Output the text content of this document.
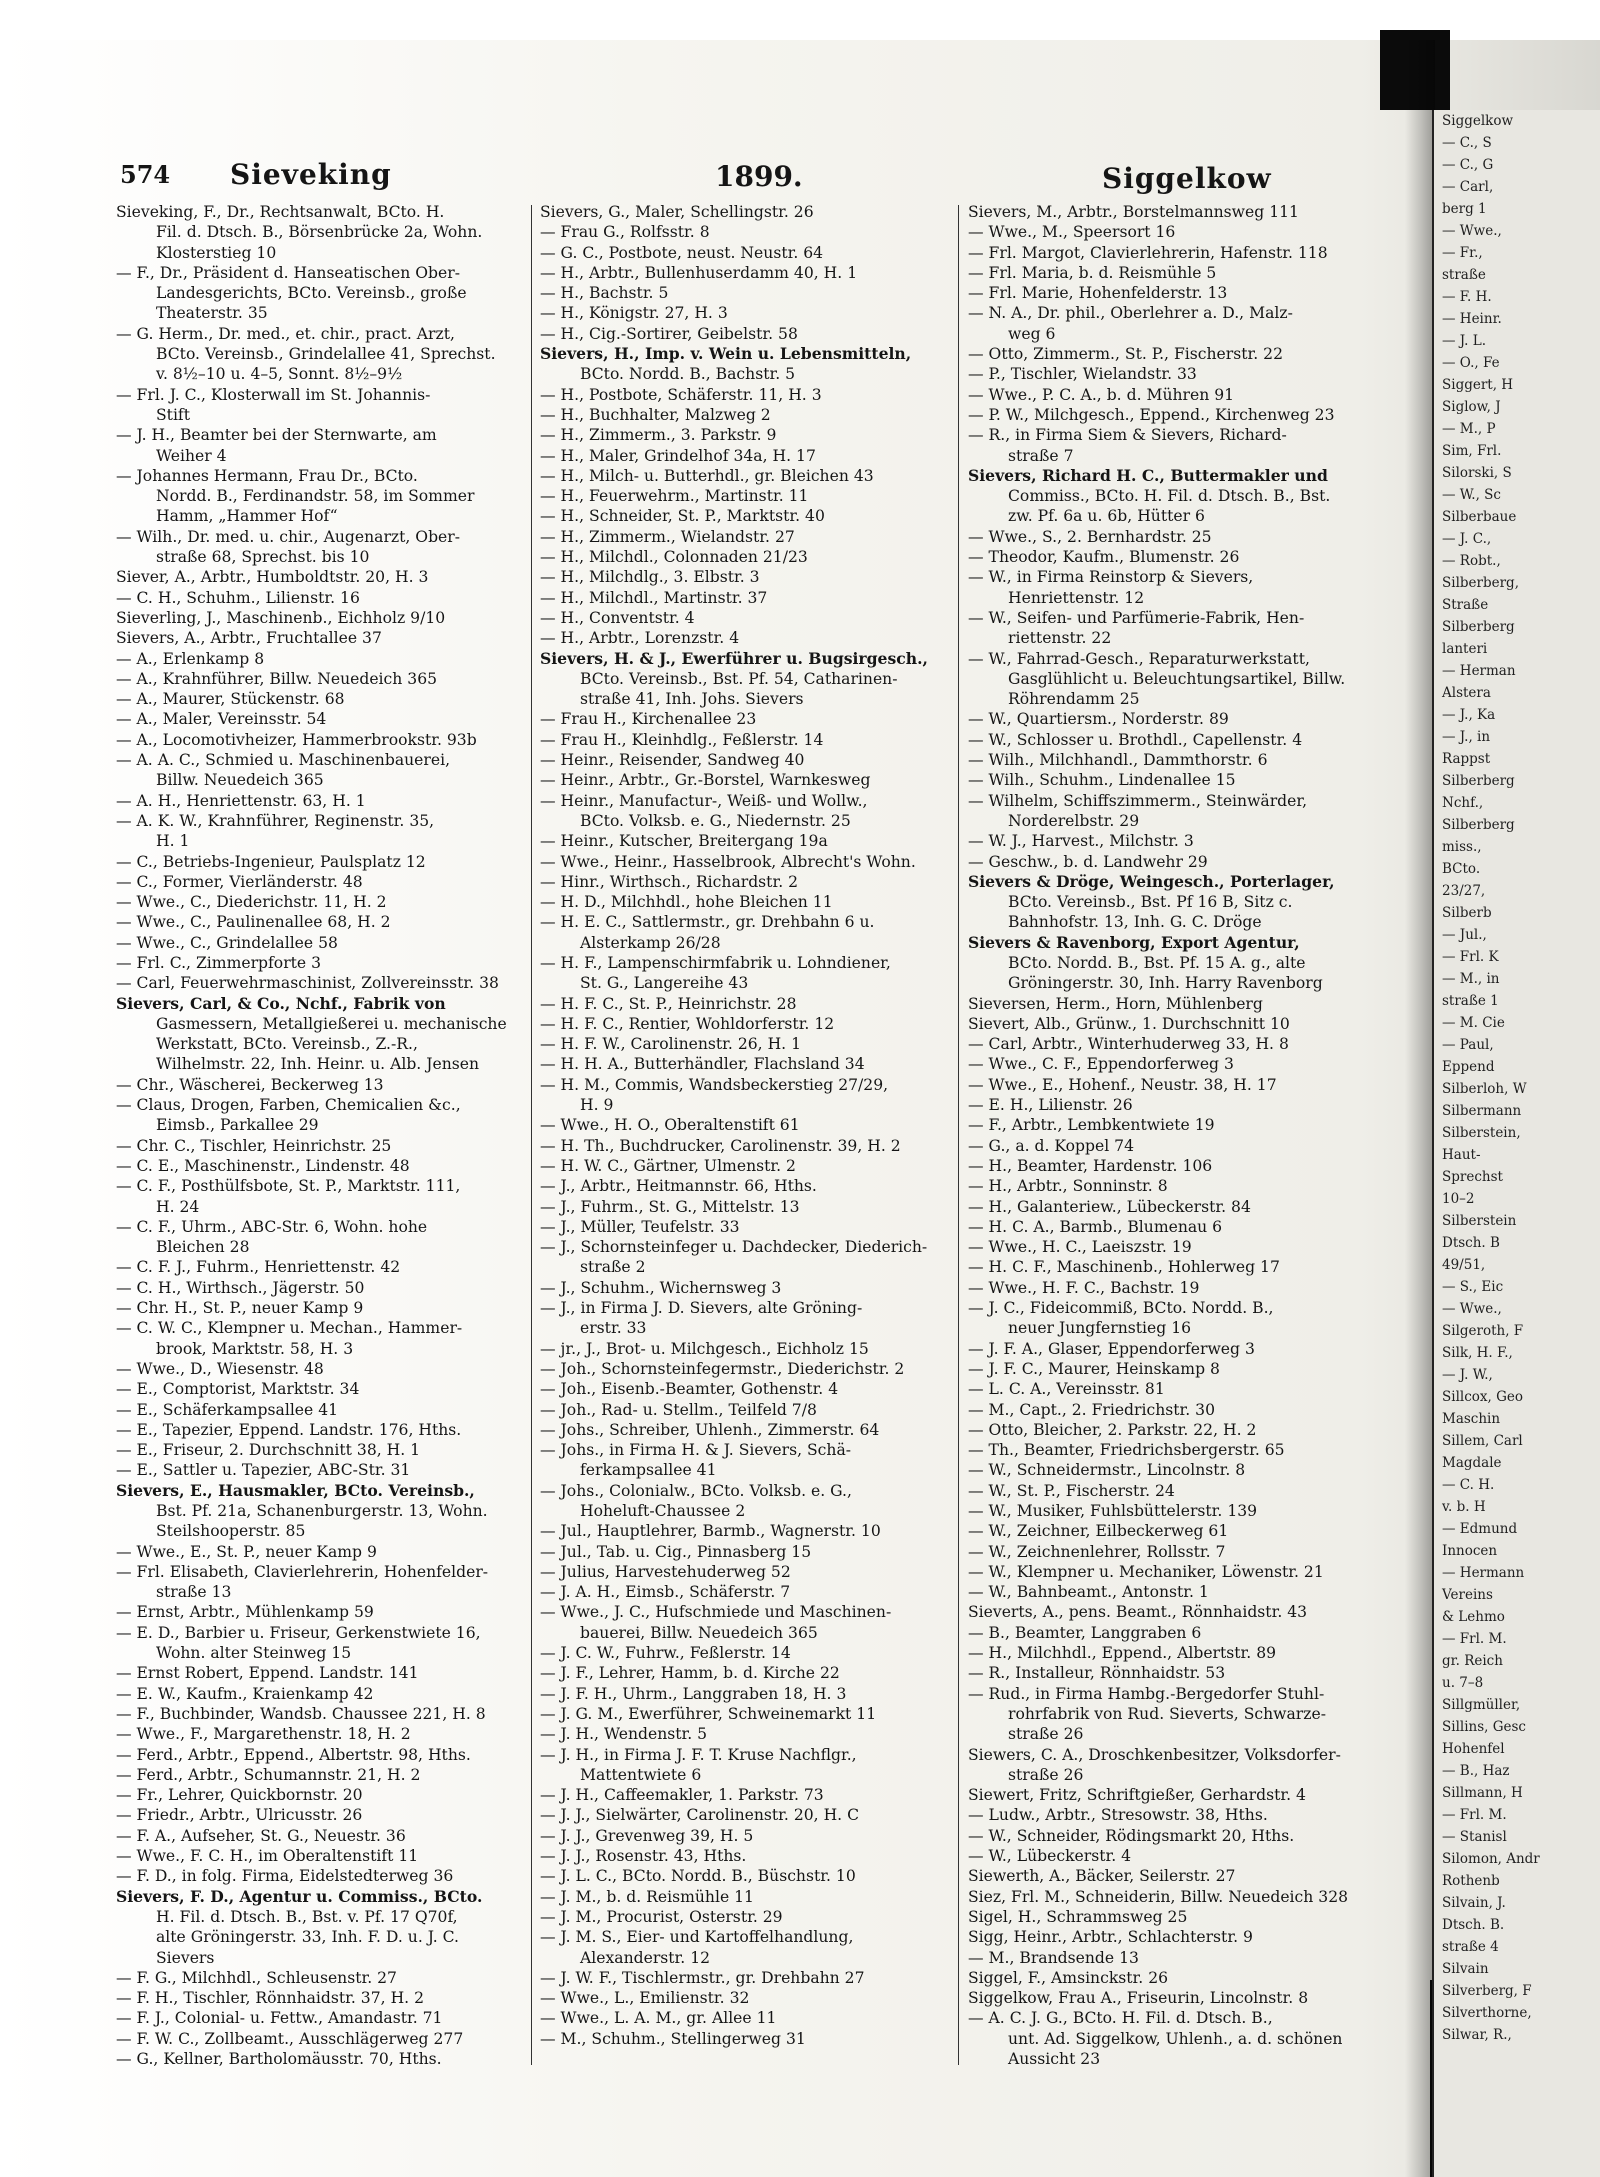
574 Sieveking	1899.	Siggelkow
Sieveking, F., Dr., Rechtsanwalt, BCto. H.
Fil. d. Dtsch. B., Börsenbrücke 2a, Wohn.
Klosterstieg 10
— F., Dr., Präsident d. Hanseatischen Ober-
Landesgerichts, BCto. Vereinsb., große
Theaterstr. 35
— G. Herm., Dr. med., et. chir., pract. Arzt,
BCto. Vereinsb., Grindelallee 41, Sprechst.
v. 8½–10 u. 4–5, Sonnt. 8½–9½
— Frl. J. C., Klosterwall im St. Johannis-
Stift
— J. H., Beamter bei der Sternwarte, am
Weiher 4
— Johannes Hermann, Frau Dr., BCto.
Nordd. B., Ferdinandstr. 58, im Sommer
Hamm, „Hammer Hof“
— Wilh., Dr. med. u. chir., Augenarzt, Ober-
straße 68, Sprechst. bis 10
Siever, A., Arbtr., Humboldtstr. 20, H. 3
— C. H., Schuhm., Lilienstr. 16
Sieverling, J., Maschinenb., Eichholz 9/10
Sievers, A., Arbtr., Fruchtallee 37
— A., Erlenkamp 8
— A., Krahnführer, Billw. Neuedeich 365
— A., Maurer, Stückenstr. 68
— A., Maler, Vereinsstr. 54
— A., Locomotivheizer, Hammerbrookstr. 93b
— A. A. C., Schmied u. Maschinenbauerei,
Billw. Neuedeich 365
— A. H., Henriettenstr. 63, H. 1
— A. K. W., Krahnführer, Reginenstr. 35,
H. 1
— C., Betriebs-Ingenieur, Paulsplatz 12
— C., Former, Vierländerstr. 48
— Wwe., C., Diederichstr. 11, H. 2
— Wwe., C., Paulinenallee 68, H. 2
— Wwe., C., Grindelallee 58
— Frl. C., Zimmerpforte 3
— Carl, Feuerwehrmaschinist, Zollvereinsstr. 38
Sievers, Carl, & Co., Nchf., Fabrik von
Gasmessern, Metallgießerei u. mechanische
Werkstatt, BCto. Vereinsb., Z.-R.,
Wilhelmstr. 22, Inh. Heinr. u. Alb. Jensen
— Chr., Wäscherei, Beckerweg 13
— Claus, Drogen, Farben, Chemicalien &c.,
Eimsb., Parkallee 29
— Chr. C., Tischler, Heinrichstr. 25
— C. E., Maschinenstr., Lindenstr. 48
— C. F., Posthülfsbote, St. P., Marktstr. 111,
H. 24
— C. F., Uhrm., ABC-Str. 6, Wohn. hohe
Bleichen 28
— C. F. J., Fuhrm., Henriettenstr. 42
— C. H., Wirthsch., Jägerstr. 50
— Chr. H., St. P., neuer Kamp 9
— C. W. C., Klempner u. Mechan., Hammer-
brook, Marktstr. 58, H. 3
— Wwe., D., Wiesenstr. 48
— E., Comptorist, Marktstr. 34
— E., Schäferkampsallee 41
— E., Tapezier, Eppend. Landstr. 176, Hths.
— E., Friseur, 2. Durchschnitt 38, H. 1
— E., Sattler u. Tapezier, ABC-Str. 31
Sievers, E., Hausmakler, BCto. Vereinsb.,
Bst. Pf. 21a, Schanenburgerstr. 13, Wohn.
Steilshooperstr. 85
— Wwe., E., St. P., neuer Kamp 9
— Frl. Elisabeth, Clavierlehrerin, Hohenfelder-
straße 13
— Ernst, Arbtr., Mühlenkamp 59
— E. D., Barbier u. Friseur, Gerkenstwiete 16,
Wohn. alter Steinweg 15
— Ernst Robert, Eppend. Landstr. 141
— E. W., Kaufm., Kraienkamp 42
— F., Buchbinder, Wandsb. Chaussee 221, H. 8
— Wwe., F., Margarethenstr. 18, H. 2
— Ferd., Arbtr., Eppend., Albertstr. 98, Hths.
— Ferd., Arbtr., Schumannstr. 21, H. 2
— Fr., Lehrer, Quickbornstr. 20
— Friedr., Arbtr., Ulricusstr. 26
— F. A., Aufseher, St. G., Neuestr. 36
— Wwe., F. C. H., im Oberaltenstift 11
— F. D., in folg. Firma, Eidelstedterweg 36
Sievers, F. D., Agentur u. Commiss., BCto.
H. Fil. d. Dtsch. B., Bst. v. Pf. 17 Q70f,
alte Gröningerstr. 33, Inh. F. D. u. J. C.
Sievers
— F. G., Milchhdl., Schleusenstr. 27
— F. H., Tischler, Rönnhaidstr. 37, H. 2
— F. J., Colonial- u. Fettw., Amandastr. 71
— F. W. C., Zollbeamt., Ausschlägerweg 277
— G., Kellner, Bartholomäusstr. 70, Hths.
Sievers, G., Maler, Schellingstr. 26
— Frau G., Rolfsstr. 8
— G. C., Postbote, neust. Neustr. 64
— H., Arbtr., Bullenhuserdamm 40, H. 1
— H., Bachstr. 5
— H., Königstr. 27, H. 3
— H., Cig.-Sortirer, Geibelstr. 58
Sievers, H., Imp. v. Wein u. Lebensmitteln,
BCto. Nordd. B., Bachstr. 5
— H., Postbote, Schäferstr. 11, H. 3
— H., Buchhalter, Malzweg 2
— H., Zimmerm., 3. Parkstr. 9
— H., Maler, Grindelhof 34a, H. 17
— H., Milch- u. Butterhdl., gr. Bleichen 43
— H., Feuerwehrm., Martinstr. 11
— H., Schneider, St. P., Marktstr. 40
— H., Zimmerm., Wielandstr. 27
— H., Milchdl., Colonnaden 21/23
— H., Milchdlg., 3. Elbstr. 3
— H., Milchdl., Martinstr. 37
— H., Conventstr. 4
— H., Arbtr., Lorenzstr. 4
Sievers, H. & J., Ewerführer u. Bugsirgesch.,
BCto. Vereinsb., Bst. Pf. 54, Catharinen-
straße 41, Inh. Johs. Sievers
— Frau H., Kirchenallee 23
— Frau H., Kleinhdlg., Feßlerstr. 14
— Heinr., Reisender, Sandweg 40
— Heinr., Arbtr., Gr.-Borstel, Warnkesweg
— Heinr., Manufactur-, Weiß- und Wollw.,
BCto. Volksb. e. G., Niedernstr. 25
— Heinr., Kutscher, Breitergang 19a
— Wwe., Heinr., Hasselbrook, Albrecht's Wohn.
— Hinr., Wirthsch., Richardstr. 2
— H. D., Milchhdl., hohe Bleichen 11
— H. E. C., Sattlermstr., gr. Drehbahn 6 u.
Alsterkamp 26/28
— H. F., Lampenschirmfabrik u. Lohndiener,
St. G., Langereihe 43
— H. F. C., St. P., Heinrichstr. 28
— H. F. C., Rentier, Wohldorferstr. 12
— H. F. W., Carolinenstr. 26, H. 1
— H. H. A., Butterhändler, Flachsland 34
— H. M., Commis, Wandsbeckerstieg 27/29,
H. 9
— Wwe., H. O., Oberaltenstift 61
— H. Th., Buchdrucker, Carolinenstr. 39, H. 2
— H. W. C., Gärtner, Ulmenstr. 2
— J., Arbtr., Heitmannstr. 66, Hths.
— J., Fuhrm., St. G., Mittelstr. 13
— J., Müller, Teufelstr. 33
— J., Schornsteinfeger u. Dachdecker, Diederich-
straße 2
— J., Schuhm., Wichernsweg 3
— J., in Firma J. D. Sievers, alte Gröning-
erstr. 33
— jr., J., Brot- u. Milchgesch., Eichholz 15
— Joh., Schornsteinfegermstr., Diederichstr. 2
— Joh., Eisenb.-Beamter, Gothenstr. 4
— Joh., Rad- u. Stellm., Teilfeld 7/8
— Johs., Schreiber, Uhlenh., Zimmerstr. 64
— Johs., in Firma H. & J. Sievers, Schä-
ferkampsallee 41
— Johs., Colonialw., BCto. Volksb. e. G.,
Hoheluft-Chaussee 2
— Jul., Hauptlehrer, Barmb., Wagnerstr. 10
— Jul., Tab. u. Cig., Pinnasberg 15
— Julius, Harvestehuderweg 52
— J. A. H., Eimsb., Schäferstr. 7
— Wwe., J. C., Hufschmiede und Maschinen-
bauerei, Billw. Neuedeich 365
— J. C. W., Fuhrw., Feßlerstr. 14
— J. F., Lehrer, Hamm, b. d. Kirche 22
— J. F. H., Uhrm., Langgraben 18, H. 3
— J. G. M., Ewerführer, Schweinemarkt 11
— J. H., Wendenstr. 5
— J. H., in Firma J. F. T. Kruse Nachflgr.,
Mattentwiete 6
— J. H., Caffeemakler, 1. Parkstr. 73
— J. J., Sielwärter, Carolinenstr. 20, H. C
— J. J., Grevenweg 39, H. 5
— J. J., Rosenstr. 43, Hths.
— J. L. C., BCto. Nordd. B., Büschstr. 10
— J. M., b. d. Reismühle 11
— J. M., Procurist, Osterstr. 29
— J. M. S., Eier- und Kartoffelhandlung,
Alexanderstr. 12
— J. W. F., Tischlermstr., gr. Drehbahn 27
— Wwe., L., Emilienstr. 32
— Wwe., L. A. M., gr. Allee 11
— M., Schuhm., Stellingerweg 31
Sievers, M., Arbtr., Borstelmannsweg 111
— Wwe., M., Speersort 16
— Frl. Margot, Clavierlehrerin, Hafenstr. 118
— Frl. Maria, b. d. Reismühle 5
— Frl. Marie, Hohenfelderstr. 13
— N. A., Dr. phil., Oberlehrer a. D., Malz-
weg 6
— Otto, Zimmerm., St. P., Fischerstr. 22
— P., Tischler, Wielandstr. 33
— Wwe., P. C. A., b. d. Mühren 91
— P. W., Milchgesch., Eppend., Kirchenweg 23
— R., in Firma Siem & Sievers, Richard-
straße 7
Sievers, Richard H. C., Buttermakler und
Commiss., BCto. H. Fil. d. Dtsch. B., Bst.
zw. Pf. 6a u. 6b, Hütter 6
— Wwe., S., 2. Bernhardstr. 25
— Theodor, Kaufm., Blumenstr. 26
— W., in Firma Reinstorp & Sievers,
Henriettenstr. 12
— W., Seifen- und Parfümerie-Fabrik, Hen-
riettenstr. 22
— W., Fahrrad-Gesch., Reparaturwerkstatt,
Gasglühlicht u. Beleuchtungsartikel, Billw.
Röhrendamm 25
— W., Quartiersm., Norderstr. 89
— W., Schlosser u. Brothdl., Capellenstr. 4
— Wilh., Milchhandl., Dammthorstr. 6
— Wilh., Schuhm., Lindenallee 15
— Wilhelm, Schiffszimmerm., Steinwärder,
Norderelbstr. 29
— W. J., Harvest., Milchstr. 3
— Geschw., b. d. Landwehr 29
Sievers & Dröge, Weingesch., Porterlager,
BCto. Vereinsb., Bst. Pf 16 B, Sitz c.
Bahnhofstr. 13, Inh. G. C. Dröge
Sievers & Ravenborg, Export Agentur,
BCto. Nordd. B., Bst. Pf. 15 A. g., alte
Gröningerstr. 30, Inh. Harry Ravenborg
Sieversen, Herm., Horn, Mühlenberg
Sievert, Alb., Grünw., 1. Durchschnitt 10
— Carl, Arbtr., Winterhuderweg 33, H. 8
— Wwe., C. F., Eppendorferweg 3
— Wwe., E., Hohenf., Neustr. 38, H. 17
— E. H., Lilienstr. 26
— F., Arbtr., Lembkentwiete 19
— G., a. d. Koppel 74
— H., Beamter, Hardenstr. 106
— H., Arbtr., Sonninstr. 8
— H., Galanteriew., Lübeckerstr. 84
— H. C. A., Barmb., Blumenau 6
— Wwe., H. C., Laeiszstr. 19
— H. C. F., Maschinenb., Hohlerweg 17
— Wwe., H. F. C., Bachstr. 19
— J. C., Fideicommiß, BCto. Nordd. B.,
neuer Jungfernstieg 16
— J. F. A., Glaser, Eppendorferweg 3
— J. F. C., Maurer, Heinskamp 8
— L. C. A., Vereinsstr. 81
— M., Capt., 2. Friedrichstr. 30
— Otto, Bleicher, 2. Parkstr. 22, H. 2
— Th., Beamter, Friedrichsbergerstr. 65
— W., Schneidermstr., Lincolnstr. 8
— W., St. P., Fischerstr. 24
— W., Musiker, Fuhlsbüttelerstr. 139
— W., Zeichner, Eilbeckerweg 61
— W., Zeichnenlehrer, Rollsstr. 7
— W., Klempner u. Mechaniker, Löwenstr. 21
— W., Bahnbeamt., Antonstr. 1
Sieverts, A., pens. Beamt., Rönnhaidstr. 43
— B., Beamter, Langgraben 6
— H., Milchhdl., Eppend., Albertstr. 89
— R., Installeur, Rönnhaidstr. 53
— Rud., in Firma Hambg.-Bergedorfer Stuhl-
rohrfabrik von Rud. Sieverts, Schwarze-
straße 26
Siewers, C. A., Droschkenbesitzer, Volksdorfer-
straße 26
Siewert, Fritz, Schriftgießer, Gerhardstr. 4
— Ludw., Arbtr., Stresowstr. 38, Hths.
— W., Schneider, Rödingsmarkt 20, Hths.
— W., Lübeckerstr. 4
Siewerth, A., Bäcker, Seilerstr. 27
Siez, Frl. M., Schneiderin, Billw. Neuedeich 328
Sigel, H., Schrammsweg 25
Sigg, Heinr., Arbtr., Schlachterstr. 9
— M., Brandsende 13
Siggel, F., Amsinckstr. 26
Siggelkow, Frau A., Friseurin, Lincolnstr. 8
— A. C. J. G., BCto. H. Fil. d. Dtsch. B.,
unt. Ad. Siggelkow, Uhlenh., a. d. schönen
Aussicht 23
Siggelkow
— C., S
— C., G
— Carl,
berg 1
— Wwe.,
— Fr.,
straße
— F. H.
— Heinr.
— J. L.
— O., Fe
Siggert, H
Siglow, J
— M., P
Sim, Frl.
Silorski, S
— W., Sc
Silberbaue
— J. C.,
— Robt.,
Silberberg,
Straße
Silberberg
lanteri
— Herman
Alstera
— J., Ka
— J., in
Rappst
Silberberg
Nchf.,
Silberberg
miss.,
BCto.
23/27,
Silberb
— Jul.,
— Frl. K
— M., in
straße 1
— M. Cie
— Paul,
Eppend
Silberloh, W
Silbermann
Silberstein,
Haut-
Sprechst
10–2
Silberstein
Dtsch. B
49/51,
— S., Eic
— Wwe.,
Silgeroth, F
Silk, H. F.,
— J. W.,
Sillcox, Geo
Maschin
Sillem, Carl
Magdale
— C. H.
v. b. H
— Edmund
Innocen
— Hermann
Vereins
& Lehmo
— Frl. M.
gr. Reich
u. 7–8
Sillgmüller,
Sillins, Gesc
Hohenfel
— B., Haz
Sillmann, H
— Frl. M.
— Stanisl
Silomon, Andr
Rothenb
Silvain, J.
Dtsch. B.
straße 4
Silvain
Silverberg, F
Silverthorne,
Silwar, R.,
